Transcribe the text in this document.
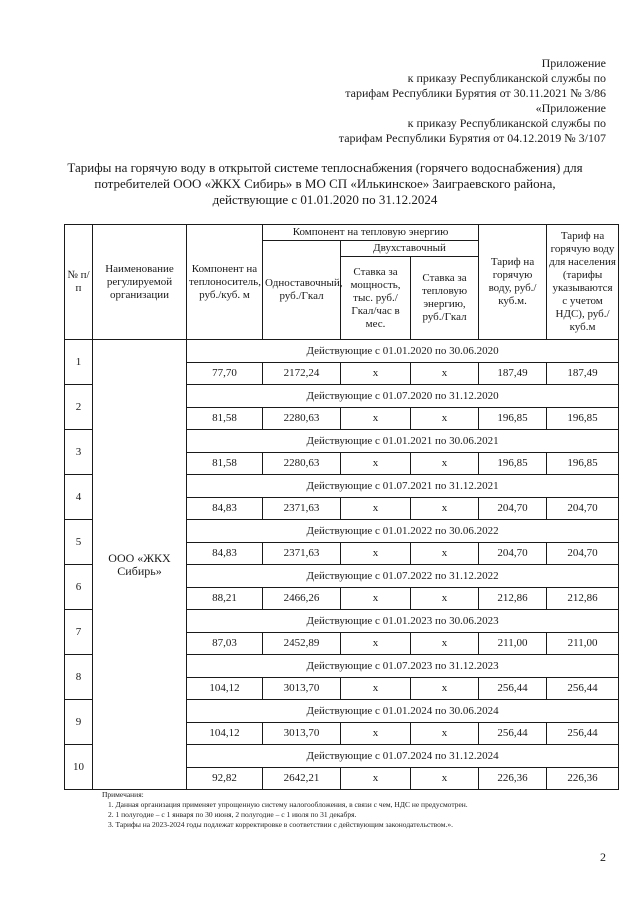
Приложение
к приказу Республиканской службы по
тарифам Республики Бурятия от 30.11.2021 № 3/86
«Приложение
к приказу Республиканской службы по
тарифам Республики Бурятия от 04.12.2019 № 3/107
Тарифы на горячую воду в открытой системе теплоснабжения (горячего водоснабжения) для
потребителей ООО «ЖКХ Сибирь» в МО СП «Илькинское» Заиграевского района,
действующие с 01.01.2020 по 31.12.2024
№ п/п	Наименование регулируемой организации	Компонент на теплоноситель, руб./куб. м	Компонент на тепловую энергию			Тариф на горячую воду, руб./куб.м.	Тариф на горячую воду для населения (тарифы указываются с учетом НДС), руб./куб.м
			Одноставочный, руб./Гкал	Двухставочный			
				Ставка за мощность, тыс. руб./Гкал/час в мес.	Ставка за тепловую энергию, руб./Гкал		
1	ООО «ЖКХ Сибирь»	Действующие с 01.01.2020 по 30.06.2020					
		77,70	2172,24	х	х	187,49	187,49
2		Действующие с 01.07.2020 по 31.12.2020					
		81,58	2280,63	х	х	196,85	196,85
3		Действующие с 01.01.2021 по 30.06.2021					
		81,58	2280,63	х	х	196,85	196,85
4		Действующие с 01.07.2021 по 31.12.2021					
		84,83	2371,63	х	х	204,70	204,70
5		Действующие с 01.01.2022 по 30.06.2022					
		84,83	2371,63	х	х	204,70	204,70
6		Действующие с 01.07.2022 по 31.12.2022					
		88,21	2466,26	х	х	212,86	212,86
7		Действующие с 01.01.2023 по 30.06.2023					
		87,03	2452,89	х	х	211,00	211,00
8		Действующие с 01.07.2023 по 31.12.2023					
		104,12	3013,70	х	х	256,44	256,44
9		Действующие с 01.01.2024 по 30.06.2024					
		104,12	3013,70	х	х	256,44	256,44
10		Действующие с 01.07.2024 по 31.12.2024					
		92,82	2642,21	х	х	226,36	226,36
Примечания:
1. Данная организация применяет упрощенную систему налогообложения, в связи с чем, НДС не предусмотрен.
2. 1 полугодие – с 1 января по 30 июня, 2 полугодие – с 1 июля по 31 декабря.
3. Тарифы на 2023-2024 годы подлежат корректировке в соответствии с действующим законодательством.».
2
